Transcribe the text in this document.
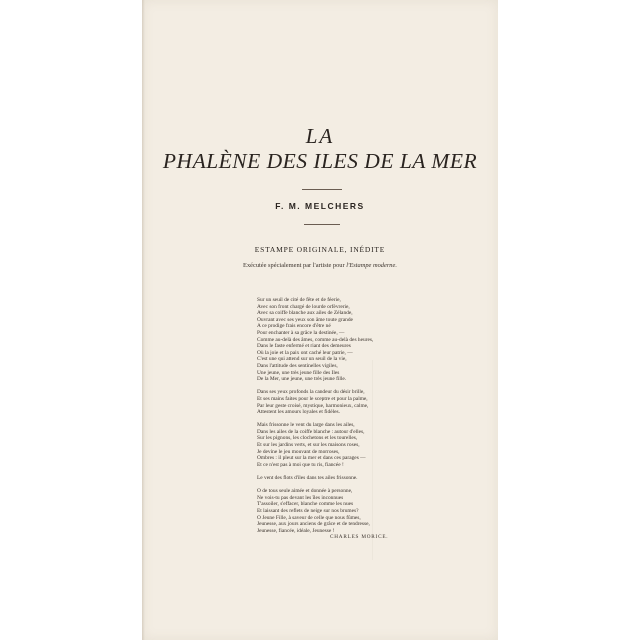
LA
PHALÈNE DES ILES DE LA MER
F. M. MELCHERS
ESTAMPE ORIGINALE, INÉDITE
Exécutée spécialement par l'artiste pour l'Estampe moderne.
Sur un seuil de cité de fête et de féerie,
Avec son front chargé de lourde orfèvrerie,
Avec sa coiffe blanche aux ailes de Zélande,
Ouvrant avec ses yeux son âme toute grande
A ce prodige frais encore d'être né
Pour enchanter à sa grâce la destinée, —
Comme au-delà des âmes, comme au-delà des heures,
Dans le faste enfermé et riant des demeures
Où la joie et la paix ont caché leur patrie, —
C'est une qui attend sur un seuil de la vie,
Dans l'attitude des sentinelles vigiles,
Une jeune, une très jeune fille des Iles
De la Mer, une jeune, une très jeune fille.
Dans ses yeux profonds la candeur du désir brille,
Et ses mains faites pour le sceptre et pour la palme,
Par leur geste croisé, mystique, harmonieux, calme,
Attestent les amours loyales et fidèles.
Mais frissonne le vent du large dans les ailes,
Dans les ailes de la coiffe blanche : autour d'elles,
Sur les pignons, les clochetons et les tourelles,
Et sur les jardins verts, et sur les maisons roses,
Je devine le jeu mouvant de morroses,
Ombres : il pleut sur la mer et dans ces parages —
Et ce n'est pas à moi que tu ris, fiancée !
Le vent des flots d'iles dans tes ailes frissonne.
O de tous seule aimée et donnée à personne,
Ne vois-tu pas devant les îles inconnues
T'assoiler, s'effacer, blanche comme les nues
Et laissant des reflets de neige sur nos brumes?
O Jeune Fille, à saveur de celle que nous fûmes,
Jeunesse, aux jours anciens de grâce et de tendresse,
Jeunesse, fiancée, idéale, Jeunesse !
CHARLES MORICE.
